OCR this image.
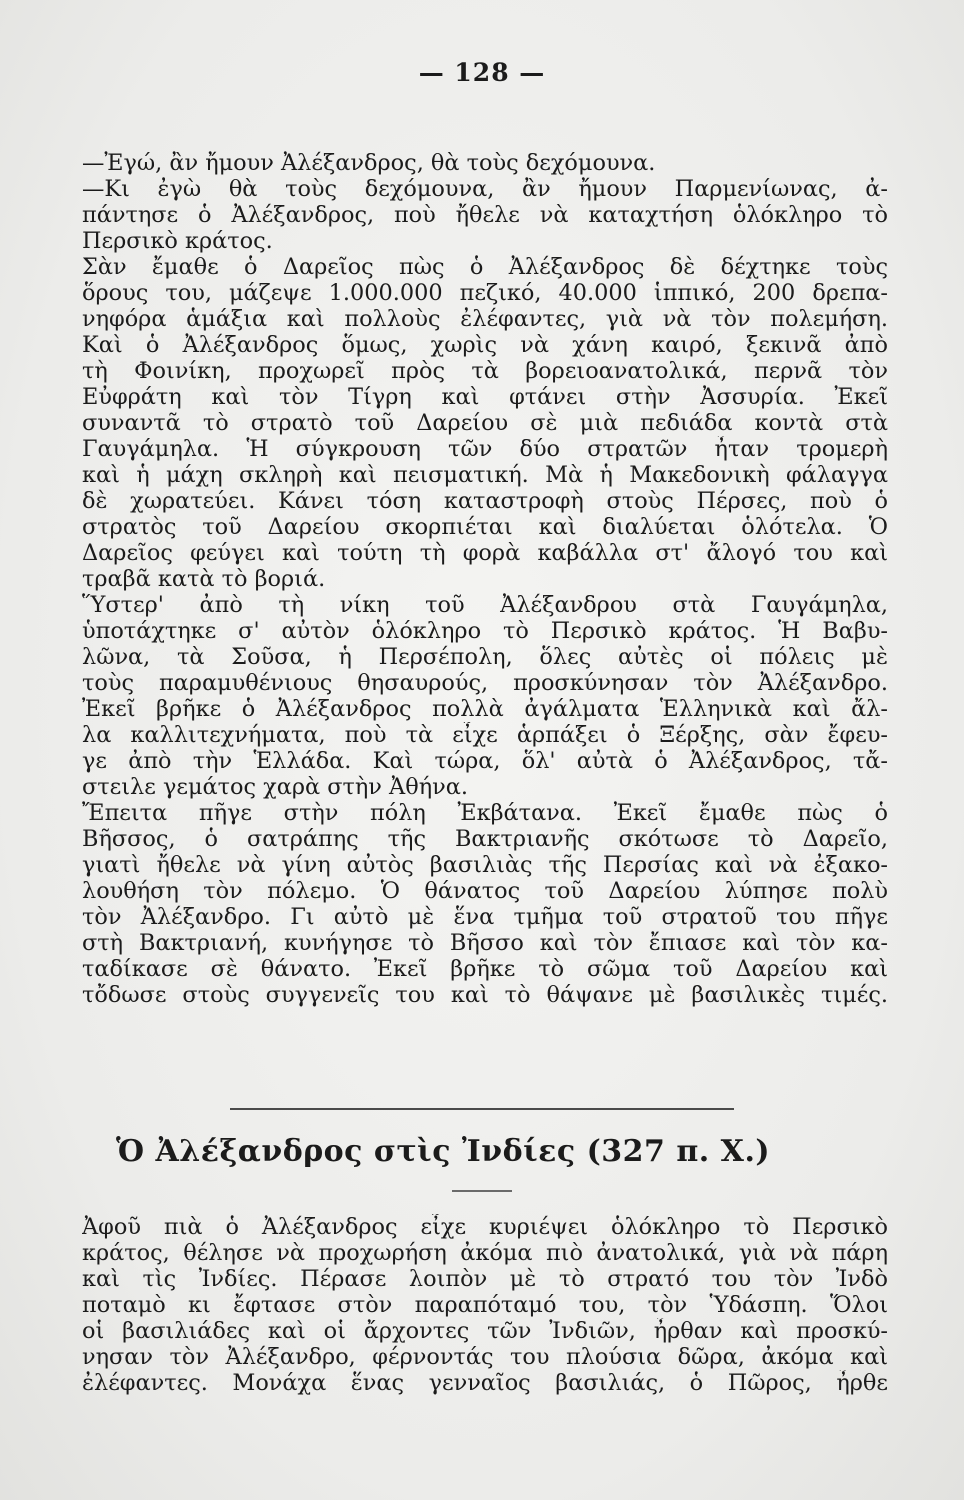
— 128 —
—Ἐγώ, ἂν ἤμουν Ἀλέξανδρος, θὰ τοὺς δεχόμουνα.
—Κι ἐγὼ θὰ τοὺς δεχόμουνα, ἂν ἤμουν Παρμενίωνας, ἀ-
πάντησε ὁ Ἀλέξανδρος, ποὺ ἤθελε νὰ καταχτήση ὁλόκληρο τὸ
Περσικὸ κράτος.
Σὰν ἔμαθε ὁ Δαρεῖος πὼς ὁ Ἀλέξανδρος δὲ δέχτηκε τοὺς
ὅρους του, μάζεψε 1.000.000 πεζικό, 40.000 ἱππικό, 200 δρεπα-
νηφόρα ἁμάξια καὶ πολλοὺς ἐλέφαντες, γιὰ νὰ τὸν πολεμήση.
Καὶ ὁ Ἀλέξανδρος ὅμως, χωρὶς νὰ χάνη καιρό, ξεκινᾶ ἀπὸ
τὴ Φοινίκη, προχωρεῖ πρὸς τὰ βορειοανατολικά, περνᾶ τὸν
Εὐφράτη καὶ τὸν Τίγρη καὶ φτάνει στὴν Ἀσσυρία. Ἐκεῖ
συναντᾶ τὸ στρατὸ τοῦ Δαρείου σὲ μιὰ πεδιάδα κοντὰ στὰ
Γαυγάμηλα. Ἡ σύγκρουση τῶν δύο στρατῶν ἦταν τρομερὴ
καὶ ἡ μάχη σκληρὴ καὶ πεισματική. Μὰ ἡ Μακεδονικὴ φάλαγγα
δὲ χωρατεύει. Κάνει τόση καταστροφὴ στοὺς Πέρσες, ποὺ ὁ
στρατὸς τοῦ Δαρείου σκορπιέται καὶ διαλύεται ὁλότελα. Ὁ
Δαρεῖος φεύγει καὶ τούτη τὴ φορὰ καβάλλα στ' ἄλογό του καὶ
τραβᾶ κατὰ τὸ βοριά.
Ὕστερ' ἀπὸ τὴ νίκη τοῦ Ἀλέξανδρου στὰ Γαυγάμηλα,
ὑποτάχτηκε σ' αὐτὸν ὁλόκληρο τὸ Περσικὸ κράτος. Ἡ Βαβυ-
λῶνα, τὰ Σοῦσα, ἡ Περσέπολη, ὅλες αὐτὲς οἱ πόλεις μὲ
τοὺς παραμυθένιους θησαυρούς, προσκύνησαν τὸν Ἀλέξανδρο.
Ἐκεῖ βρῆκε ὁ Ἀλέξανδρος πολλὰ ἀγάλματα Ἑλληνικὰ καὶ ἄλ-
λα καλλιτεχνήματα, ποὺ τὰ εἶχε ἁρπάξει ὁ Ξέρξης, σὰν ἔφευ-
γε ἀπὸ τὴν Ἑλλάδα. Καὶ τώρα, ὅλ' αὐτὰ ὁ Ἀλέξανδρος, τἄ-
στειλε γεμάτος χαρὰ στὴν Ἀθήνα.
Ἔπειτα πῆγε στὴν πόλη Ἐκβάτανα. Ἐκεῖ ἔμαθε πὼς ὁ
Βῆσσος, ὁ σατράπης τῆς Βακτριανῆς σκότωσε τὸ Δαρεῖο,
γιατὶ ἤθελε νὰ γίνη αὐτὸς βασιλιὰς τῆς Περσίας καὶ νὰ ἐξακο-
λουθήση τὸν πόλεμο. Ὁ θάνατος τοῦ Δαρείου λύπησε πολὺ
τὸν Ἀλέξανδρο. Γι αὐτὸ μὲ ἕνα τμῆμα τοῦ στρατοῦ του πῆγε
στὴ Βακτριανή, κυνήγησε τὸ Βῆσσο καὶ τὸν ἔπιασε καὶ τὸν κα-
ταδίκασε σὲ θάνατο. Ἐκεῖ βρῆκε τὸ σῶμα τοῦ Δαρείου καὶ
τὄδωσε στοὺς συγγενεῖς του καὶ τὸ θάψανε μὲ βασιλικὲς τιμές.
Ὁ Ἀλέξανδρος στὶς Ἰνδίες (327 π. Χ.)
Ἀφοῦ πιὰ ὁ Ἀλέξανδρος εἶχε κυριέψει ὁλόκληρο τὸ Περσικὸ
κράτος, θέλησε νὰ προχωρήση ἀκόμα πιὸ ἀνατολικά, γιὰ νὰ πάρη
καὶ τὶς Ἰνδίες. Πέρασε λοιπὸν μὲ τὸ στρατό του τὸν Ἰνδὸ
ποταμὸ κι ἔφτασε στὸν παραπόταμό του, τὸν Ὑδάσπη. Ὅλοι
οἱ βασιλιάδες καὶ οἱ ἄρχοντες τῶν Ἰνδιῶν, ἦρθαν καὶ προσκύ-
νησαν τὸν Ἀλέξανδρο, φέρνοντάς του πλούσια δῶρα, ἀκόμα καὶ
ἐλέφαντες. Μονάχα ἕνας γενναῖος βασιλιάς, ὁ Πῶρος, ἦρθε
